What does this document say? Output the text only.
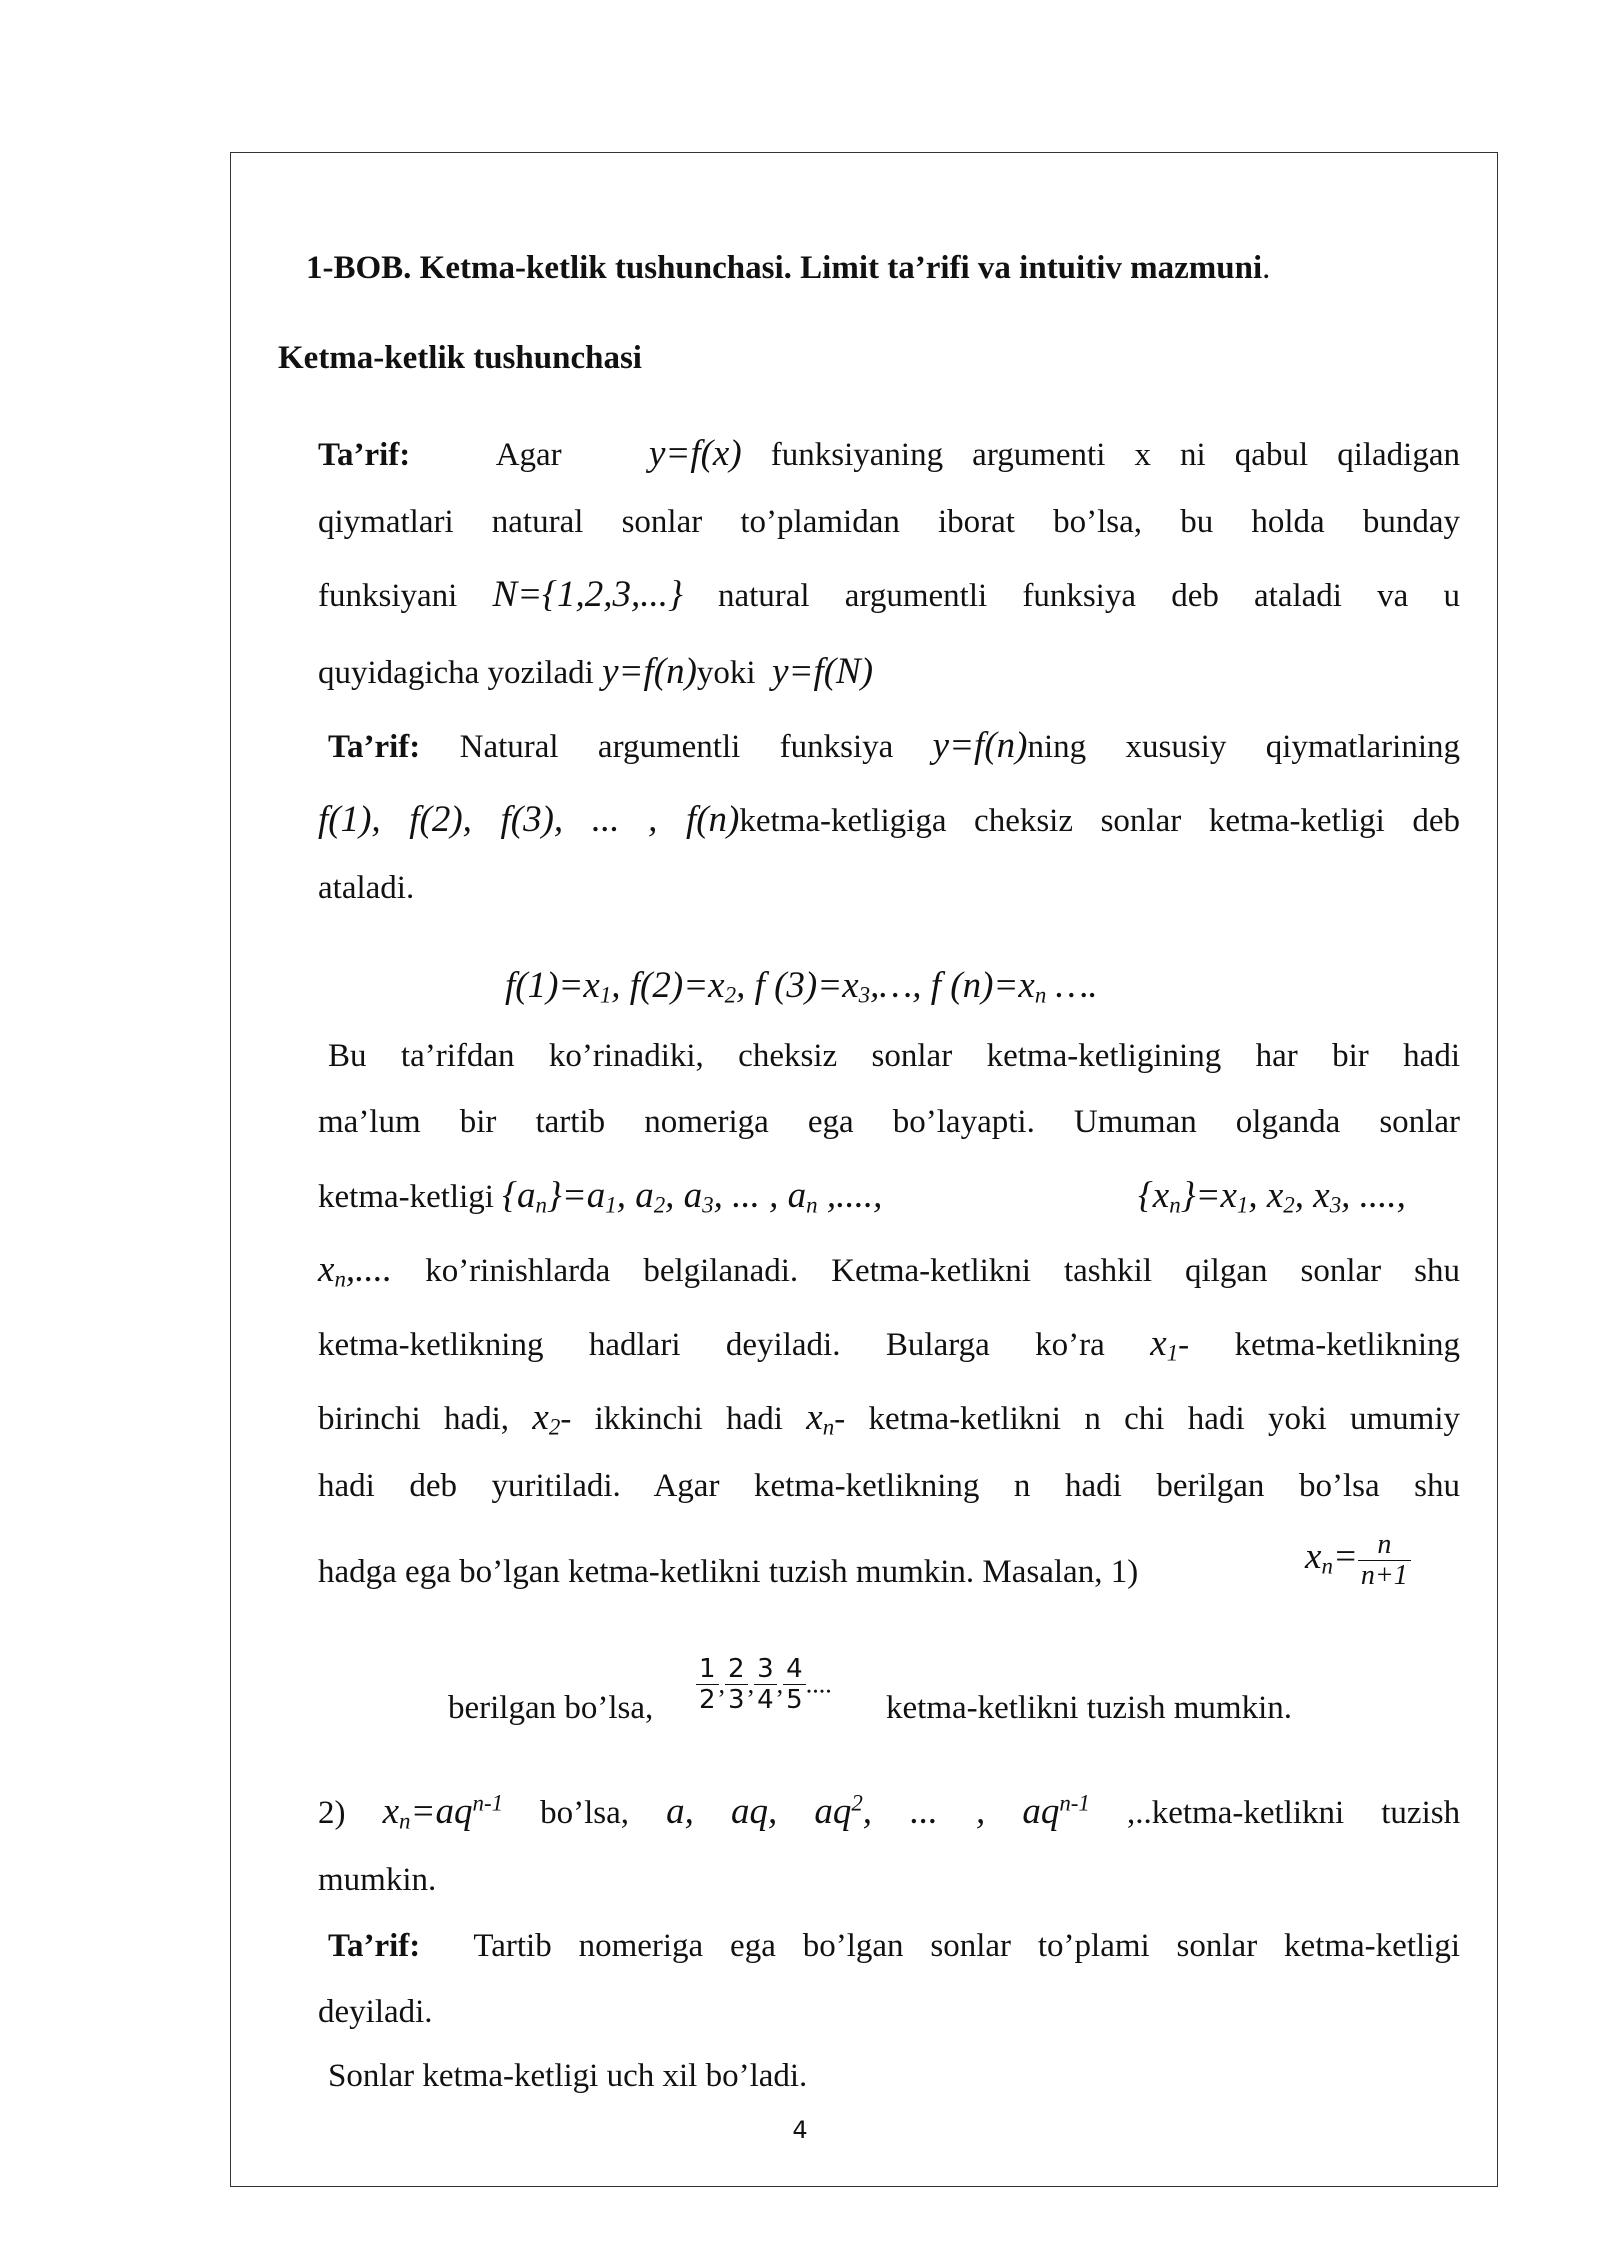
1-BOB. Ketma-ketlik tushunchasi. Limit ta’rifi va intuitiv mazmuni.
Ketma-ketlik tushunchasi
Ta’rif:	Agar y=f(x) funksiyaning argumenti x ni qabul qiladigan
qiymatlari natural sonlar to’plamidan iborat bo’lsa, bu holda bunday
funksiyani N={1,2,3,...} natural argumentli funksiya deb ataladi va u
quyidagicha yoziladi y=f(n)yoki y=f(N)
Ta’rif: Natural argumentli funksiya y=f(n)ning xususiy qiymatlarining
f(1), f(2), f(3), ... , f(n)ketma-ketligiga cheksiz sonlar ketma-ketligi deb
ataladi.
$f(1)=x_1$, $f(2)=x_2$, f $(3)=x_3,\dots$, f $(n)=x_n$ ….
Bu ta’rifdan ko’rinadiki, cheksiz sonlar ketma-ketligining har bir hadi
ma’lum bir tartib nomeriga ega bo’layapti. Umuman olganda sonlar
ketma-ketligi $\{a_n\}=a_1$, $a_2$, $a_3$, ... , $a_n$ ,....,	$\{x_n\}=x_1$, $x_2$, $x_3$, ....,
$x_n$,.... ko’rinishlarda belgilanadi. Ketma-ketlikni tashkil qilgan sonlar shu
ketma-ketlikning hadlari deyiladi. Bularga ko’ra $x_1-$ ketma-ketlikning
birinchi hadi, $x_2-$ ikkinchi hadi $x_n-$ ketma-ketlikni n chi hadi yoki umumiy
hadi deb yuritiladi. Agar ketma-ketlikning n hadi berilgan bo’lsa shu
hadga ega bo’lgan ketma-ketlikni tuzish mumkin. Masalan, 1)	$x_n= \frac{n}{n+1}$
berilgan bo’lsa, $\frac{1}{2}$ , $\frac{2}{3}$ , $\frac{3}{4}$ , $\frac{4}{5}$ ....
ketma-ketlikni tuzish mumkin.
2) $x_n=aq^{n-1}$ bo’lsa, a, aq, $aq^2$, ... , $aq^{n-1}$ ,..ketma-ketlikni tuzish
mumkin.
Ta’rif: Tartib nomeriga ega bo’lgan sonlar to’plami sonlar ketma-ketligi
deyiladi.
Sonlar ketma-ketligi uch xil bo’ladi.
4
